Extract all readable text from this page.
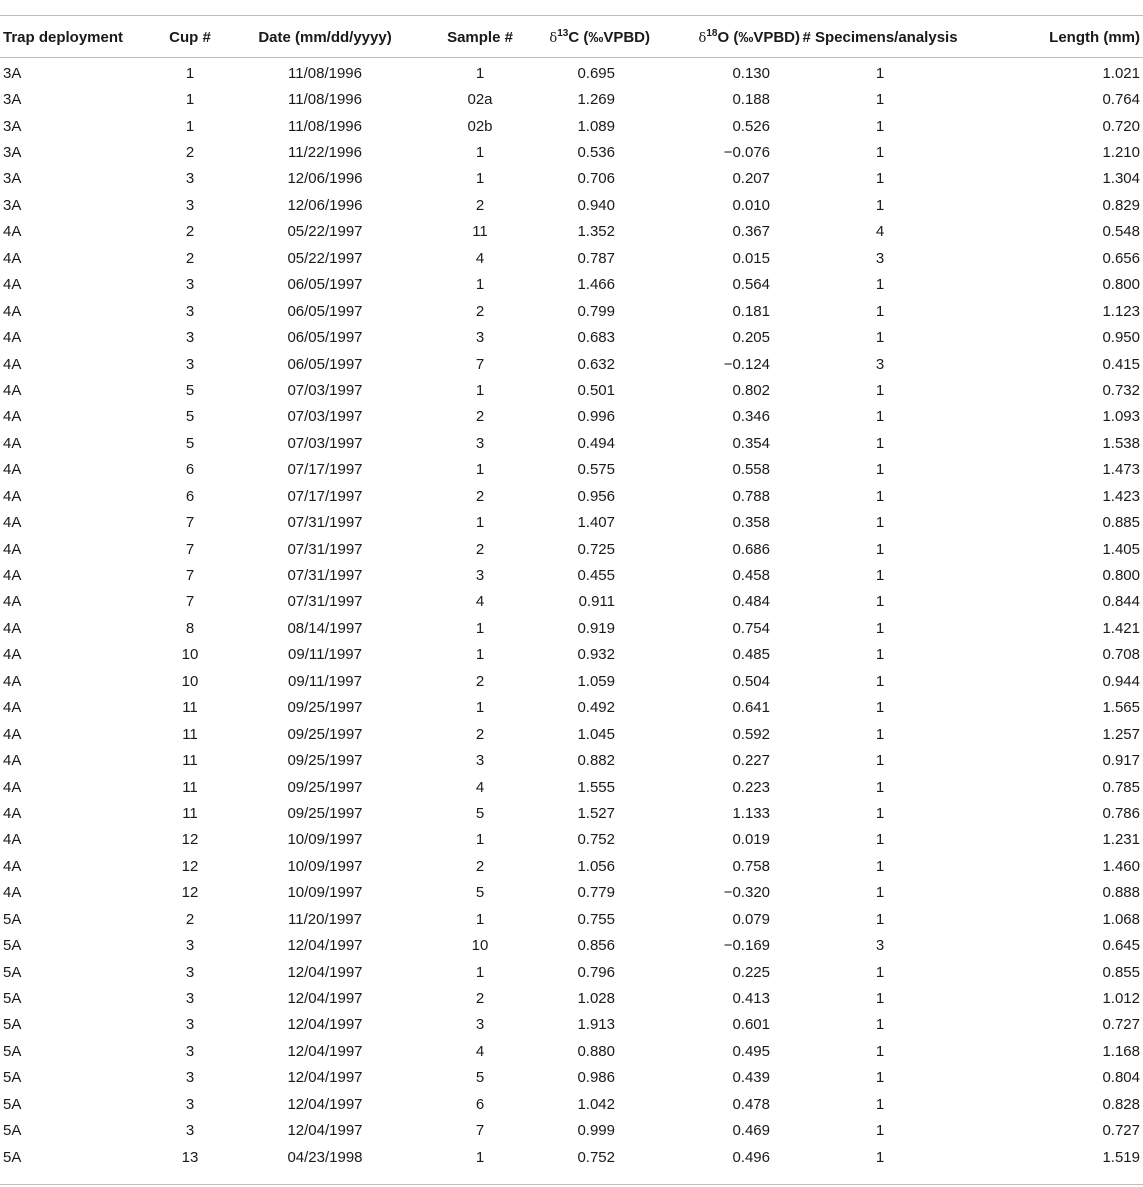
Trap deployment	Cup #	Date (mm/dd/yyyy)	Sample #	$\delta^{13}C$ (‰VPBD)	$\delta^{18}O$ (‰VPBD)	# Specimens/analysis	Length (mm)
3A	1	11/08/1996	1	0.695	0.130	1	1.021
3A	1	11/08/1996	02a	1.269	0.188	1	0.764
3A	1	11/08/1996	02b	1.089	0.526	1	0.720
3A	2	11/22/1996	1	0.536	−0.076	1	1.210
3A	3	12/06/1996	1	0.706	0.207	1	1.304
3A	3	12/06/1996	2	0.940	0.010	1	0.829
4A	2	05/22/1997	11	1.352	0.367	4	0.548
4A	2	05/22/1997	4	0.787	0.015	3	0.656
4A	3	06/05/1997	1	1.466	0.564	1	0.800
4A	3	06/05/1997	2	0.799	0.181	1	1.123
4A	3	06/05/1997	3	0.683	0.205	1	0.950
4A	3	06/05/1997	7	0.632	−0.124	3	0.415
4A	5	07/03/1997	1	0.501	0.802	1	0.732
4A	5	07/03/1997	2	0.996	0.346	1	1.093
4A	5	07/03/1997	3	0.494	0.354	1	1.538
4A	6	07/17/1997	1	0.575	0.558	1	1.473
4A	6	07/17/1997	2	0.956	0.788	1	1.423
4A	7	07/31/1997	1	1.407	0.358	1	0.885
4A	7	07/31/1997	2	0.725	0.686	1	1.405
4A	7	07/31/1997	3	0.455	0.458	1	0.800
4A	7	07/31/1997	4	0.911	0.484	1	0.844
4A	8	08/14/1997	1	0.919	0.754	1	1.421
4A	10	09/11/1997	1	0.932	0.485	1	0.708
4A	10	09/11/1997	2	1.059	0.504	1	0.944
4A	11	09/25/1997	1	0.492	0.641	1	1.565
4A	11	09/25/1997	2	1.045	0.592	1	1.257
4A	11	09/25/1997	3	0.882	0.227	1	0.917
4A	11	09/25/1997	4	1.555	0.223	1	0.785
4A	11	09/25/1997	5	1.527	1.133	1	0.786
4A	12	10/09/1997	1	0.752	0.019	1	1.231
4A	12	10/09/1997	2	1.056	0.758	1	1.460
4A	12	10/09/1997	5	0.779	−0.320	1	0.888
5A	2	11/20/1997	1	0.755	0.079	1	1.068
5A	3	12/04/1997	10	0.856	−0.169	3	0.645
5A	3	12/04/1997	1	0.796	0.225	1	0.855
5A	3	12/04/1997	2	1.028	0.413	1	1.012
5A	3	12/04/1997	3	1.913	0.601	1	0.727
5A	3	12/04/1997	4	0.880	0.495	1	1.168
5A	3	12/04/1997	5	0.986	0.439	1	0.804
5A	3	12/04/1997	6	1.042	0.478	1	0.828
5A	3	12/04/1997	7	0.999	0.469	1	0.727
5A	13	04/23/1998	1	0.752	0.496	1	1.519
